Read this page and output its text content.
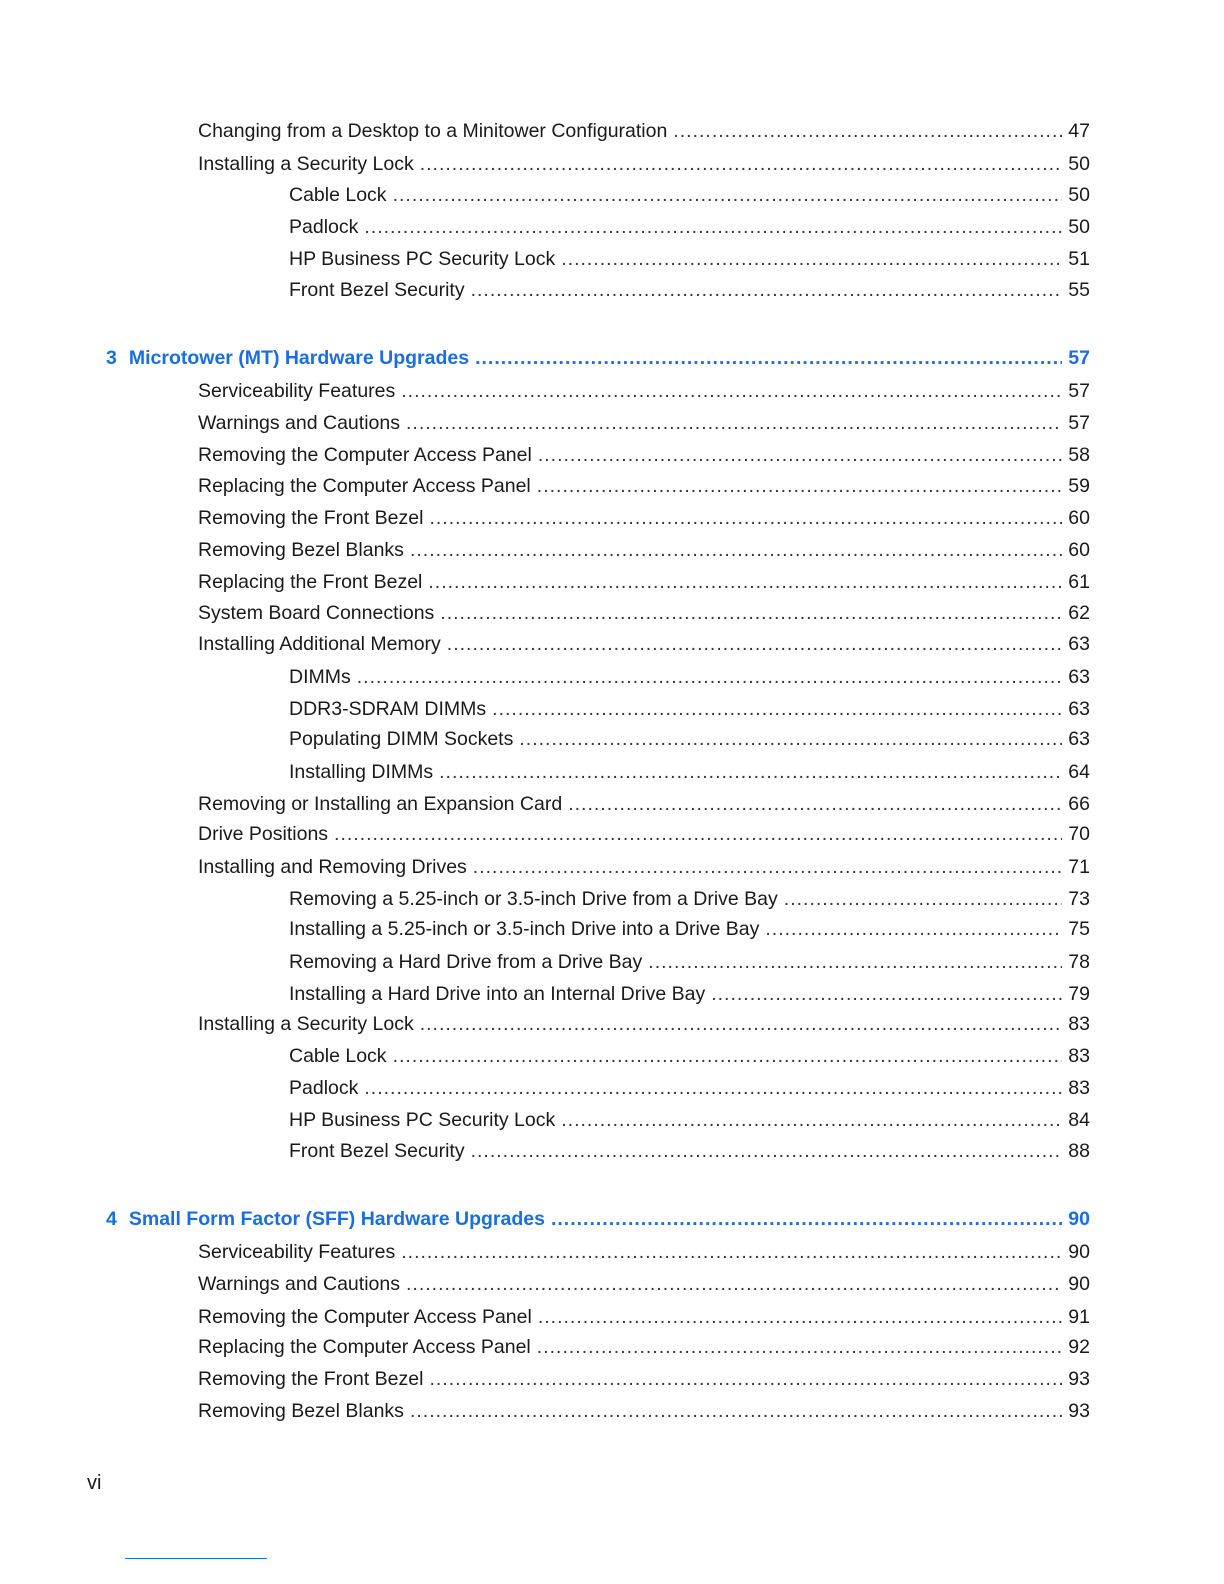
Changing from a Desktop to a Minitower Configuration .....	47
Installing a Security Lock .....	50
Cable Lock .....	50
Padlock .....	50
HP Business PC Security Lock .....	51
Front Bezel Security .....	55
3 Microtower (MT) Hardware Upgrades .....	57
Serviceability Features .....	57
Warnings and Cautions .....	57
Removing the Computer Access Panel .....	58
Replacing the Computer Access Panel .....	59
Removing the Front Bezel .....	60
Removing Bezel Blanks .....	60
Replacing the Front Bezel .....	61
System Board Connections .....	62
Installing Additional Memory .....	63
DIMMs .....	63
DDR3-SDRAM DIMMs .....	63
Populating DIMM Sockets .....	63
Installing DIMMs .....	64
Removing or Installing an Expansion Card .....	66
Drive Positions .....	70
Installing and Removing Drives .....	71
Removing a 5.25-inch or 3.5-inch Drive from a Drive Bay .....	73
Installing a 5.25-inch or 3.5-inch Drive into a Drive Bay .....	75
Removing a Hard Drive from a Drive Bay .....	78
Installing a Hard Drive into an Internal Drive Bay .....	79
Installing a Security Lock .....	83
Cable Lock .....	83
Padlock .....	83
HP Business PC Security Lock .....	84
Front Bezel Security .....	88
4 Small Form Factor (SFF) Hardware Upgrades .....	90
Serviceability Features .....	90
Warnings and Cautions .....	90
Removing the Computer Access Panel .....	91
Replacing the Computer Access Panel .....	92
Removing the Front Bezel .....	93
Removing Bezel Blanks .....	93
vi
